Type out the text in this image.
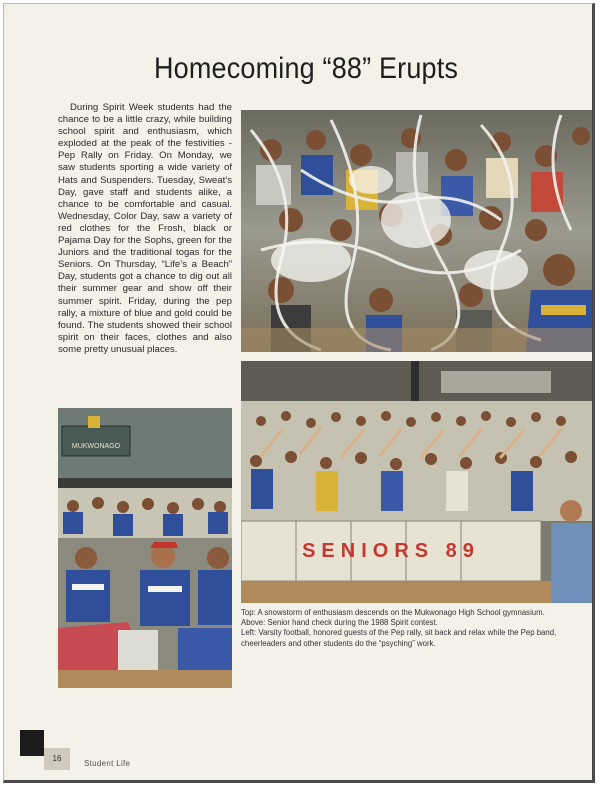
Homecoming “88” Erupts

During Spirit Week students had the chance to be a little crazy, while building school spirit and enthusiasm, which exploded at the peak of the festivities - Pep Rally on Friday. On Monday, we saw students sporting a wide variety of Hats and Suspenders. Tuesday, Sweat’s Day, gave staff and students alike, a chance to be comfortable and casual. Wednesday, Color Day, saw a variety of red clothes for the Frosh, black or Pajama Day for the Sophs, green for the Juniors and the traditional togas for the Seniors. On Thursday, “Life’s a Beach” Day, students got a chance to dig out all their summer gear and show off their summer spirit. Friday, during the pep rally, a mixture of blue and gold could be found. The students showed their school spirit on their faces, clothes and also some pretty unusual places.

MUKWONAGO
SENIORS 89

Top: A snowstorm of enthusiasm descends on the Mukwonago High School gymnasium.
Above: Senior hand check during the 1988 Spirit contest.
Left: Varsity football, honored guests of the Pep rally, sit back and relax while the Pep band, cheerleaders and other students do the “psyching” work.

16
Student Life
